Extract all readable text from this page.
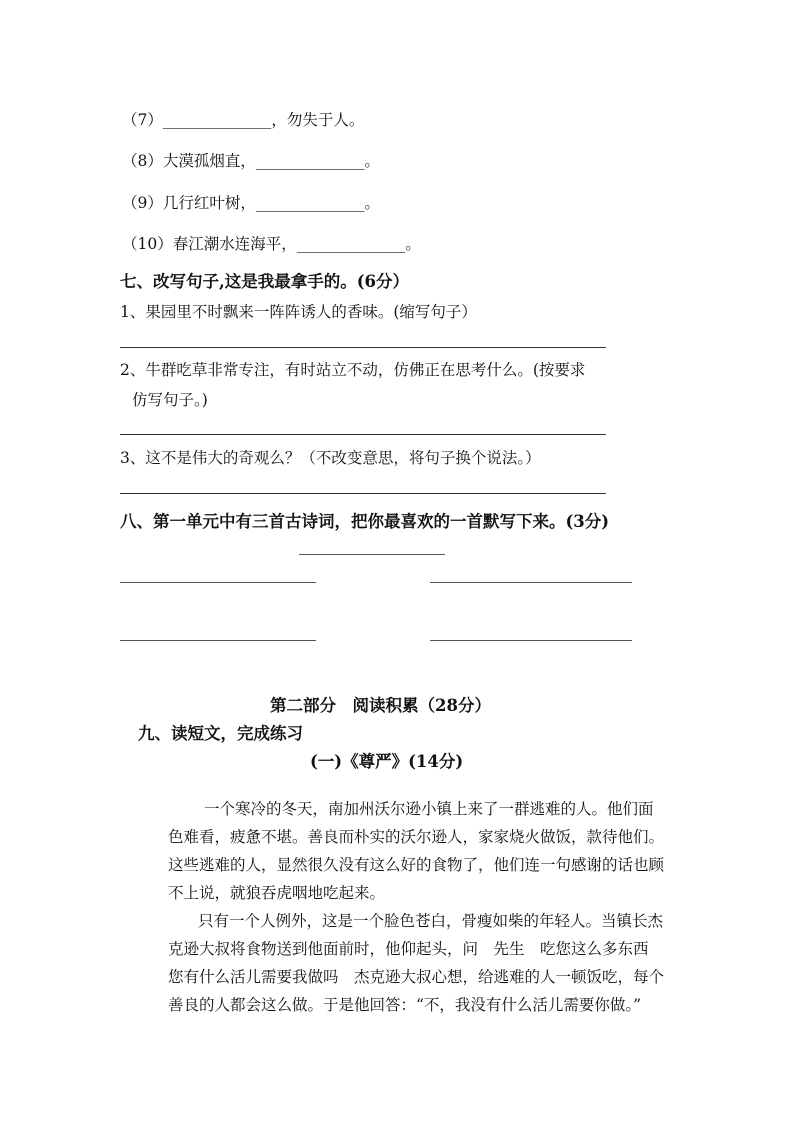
（7）______________，勿失于人。
（8）大漠孤烟直，______________。
（9）几行红叶树，______________。
（10）春江潮水连海平，______________。
七、改写句子,这是我最拿手的。(6分）
1、果园里不时飘来一阵阵诱人的香味。(缩写句子）
2、牛群吃草非常专注，有时站立不动，仿佛正在思考什么。(按要求
仿写句子。)
3、这不是伟大的奇观么？（不改变意思，将句子换个说法。）
八、第一单元中有三首古诗词，把你最喜欢的一首默写下来。(3分)
第二部分　阅读积累（28分）
九、读短文，完成练习
(一)《尊严》(14分)
一个寒冷的冬天，南加州沃尔逊小镇上来了一群逃难的人。他们面
色难看，疲惫不堪。善良而朴实的沃尔逊人，家家烧火做饭，款待他们。
这些逃难的人，显然很久没有这么好的食物了，他们连一句感谢的话也顾
不上说，就狼吞虎咽地吃起来。
只有一个人例外，这是一个脸色苍白，骨瘦如柴的年轻人。当镇长杰
克逊大叔将食物送到他面前时，他仰起头，问　先生　吃您这么多东西
您有什么活儿需要我做吗　杰克逊大叔心想，给逃难的人一顿饭吃，每个
善良的人都会这么做。于是他回答：“不，我没有什么活儿需要你做。”
